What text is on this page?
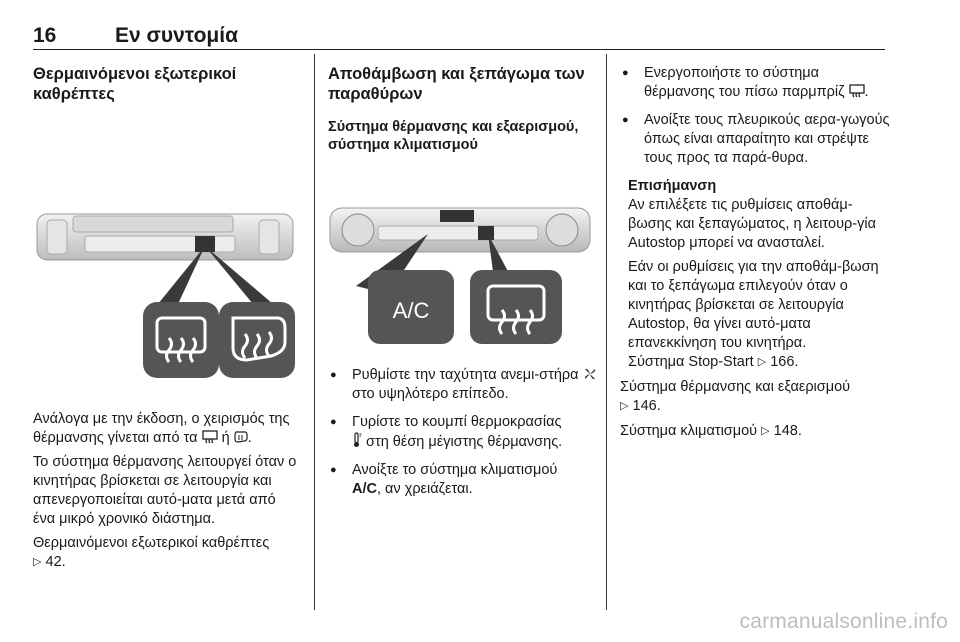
16	Εν συντομία
Θερμαινόμενοι εξωτερικοί καθρέπτες

Ανάλογα με την έκδοση, ο χειρισμός της θέρμανσης γίνεται από τα ή .

Το σύστημα θέρμανσης λειτουργεί όταν ο κινητήρας βρίσκεται σε λειτουργία και απενεργοποιείται αυτό-ματα μετά από ένα μικρό χρονικό διάστημα.

Θερμαινόμενοι εξωτερικοί καθρέπτες
▷ 42.

Αποθάμβωση και ξεπάγωμα των παραθύρων
Σύστημα θέρμανσης και εξαερισμού, σύστημα κλιματισμού
A/C
● Ρυθμίστε την ταχύτητα ανεμι-στήρα  στο υψηλότερο επίπεδο.
● Γυρίστε το κουμπί θερμοκρασίας
στη θέση μέγιστης θέρμανσης.
● Ανοίξτε το σύστημα κλιματισμού
A/C, αν χρειάζεται.
● Ενεργοποιήστε το σύστημα θέρμανσης του πίσω παρμπρίζ .
● Ανοίξτε τους πλευρικούς αερα-γωγούς όπως είναι απαραίτητο και στρέψτε τους προς τα παρά-θυρα.
Επισήμανση

Αν επιλέξετε τις ρυθμίσεις αποθάμ-βωσης και ξεπαγώματος, η λειτουρ-γία Autostop μπορεί να ανασταλεί.

Εάν οι ρυθμίσεις για την αποθάμ-βωση και το ξεπάγωμα επιλεγούν όταν ο κινητήρας βρίσκεται σε λειτουργία Autostop, θα γίνει αυτό-ματα επανεκκίνηση του κινητήρα.

Σύστημα Stop-Start ▷ 166.

Σύστημα θέρμανσης και εξαερισμού
▷ 146.

Σύστημα κλιματισμού ▷ 148.

carmanualsonline.info
